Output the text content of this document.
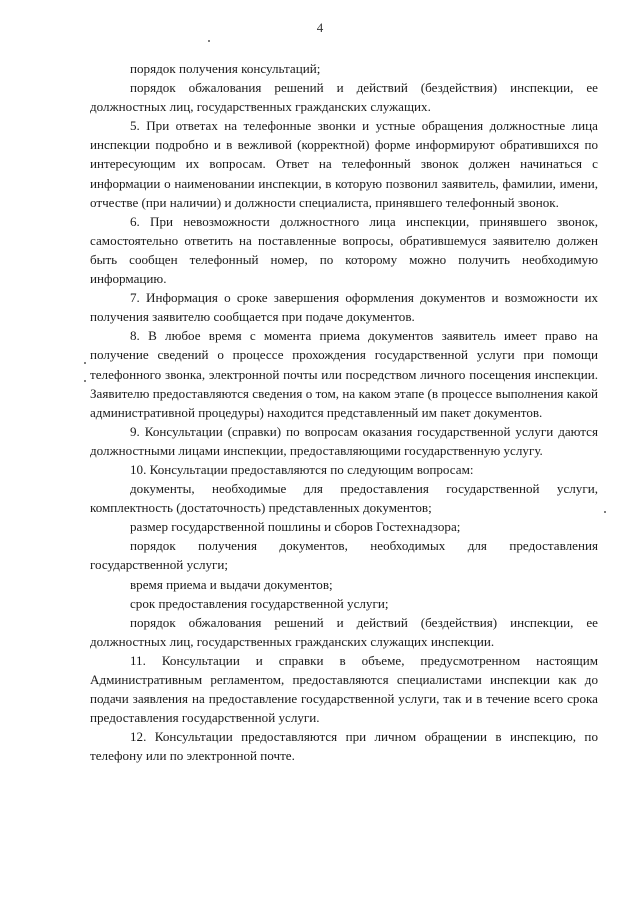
4

порядок получения консультаций;

порядок обжалования решений и действий (бездействия) инспекции, ее должностных лиц, государственных гражданских служащих.

5. При ответах на телефонные звонки и устные обращения должностные лица инспекции подробно и в вежливой (корректной) форме информируют обратившихся по интересующим их вопросам. Ответ на телефонный звонок должен начинаться с информации о наименовании инспекции, в которую позвонил заявитель, фамилии, имени, отчестве (при наличии) и должности специалиста, принявшего телефонный звонок.

6. При невозможности должностного лица инспекции, принявшего звонок, самостоятельно ответить на поставленные вопросы, обратившемуся заявителю должен быть сообщен телефонный номер, по которому можно получить необходимую информацию.

7. Информация о сроке завершения оформления документов и возможности их получения заявителю сообщается при подаче документов.

8. В любое время с момента приема документов заявитель имеет право на получение сведений о процессе прохождения государственной услуги при помощи телефонного звонка, электронной почты или посредством личного посещения инспекции. Заявителю предоставляются сведения о том, на каком этапе (в процессе выполнения какой административной процедуры) находится представленный им пакет документов.

9. Консультации (справки) по вопросам оказания государственной услуги даются должностными лицами инспекции, предоставляющими государственную услугу.

10. Консультации предоставляются по следующим вопросам:

документы, необходимые для предоставления государственной услуги, комплектность (достаточность) представленных документов;

размер государственной пошлины и сборов Гостехнадзора;

порядок получения документов, необходимых для предоставления государственной услуги;

время приема и выдачи документов;

срок предоставления государственной услуги;

порядок обжалования решений и действий (бездействия) инспекции, ее должностных лиц, государственных гражданских служащих инспекции.

11. Консультации и справки в объеме, предусмотренном настоящим Административным регламентом, предоставляются специалистами инспекции как до подачи заявления на предоставление государственной услуги, так и в течение всего срока предоставления государственной услуги.

12. Консультации предоставляются при личном обращении в инспекцию, по телефону или по электронной почте.
